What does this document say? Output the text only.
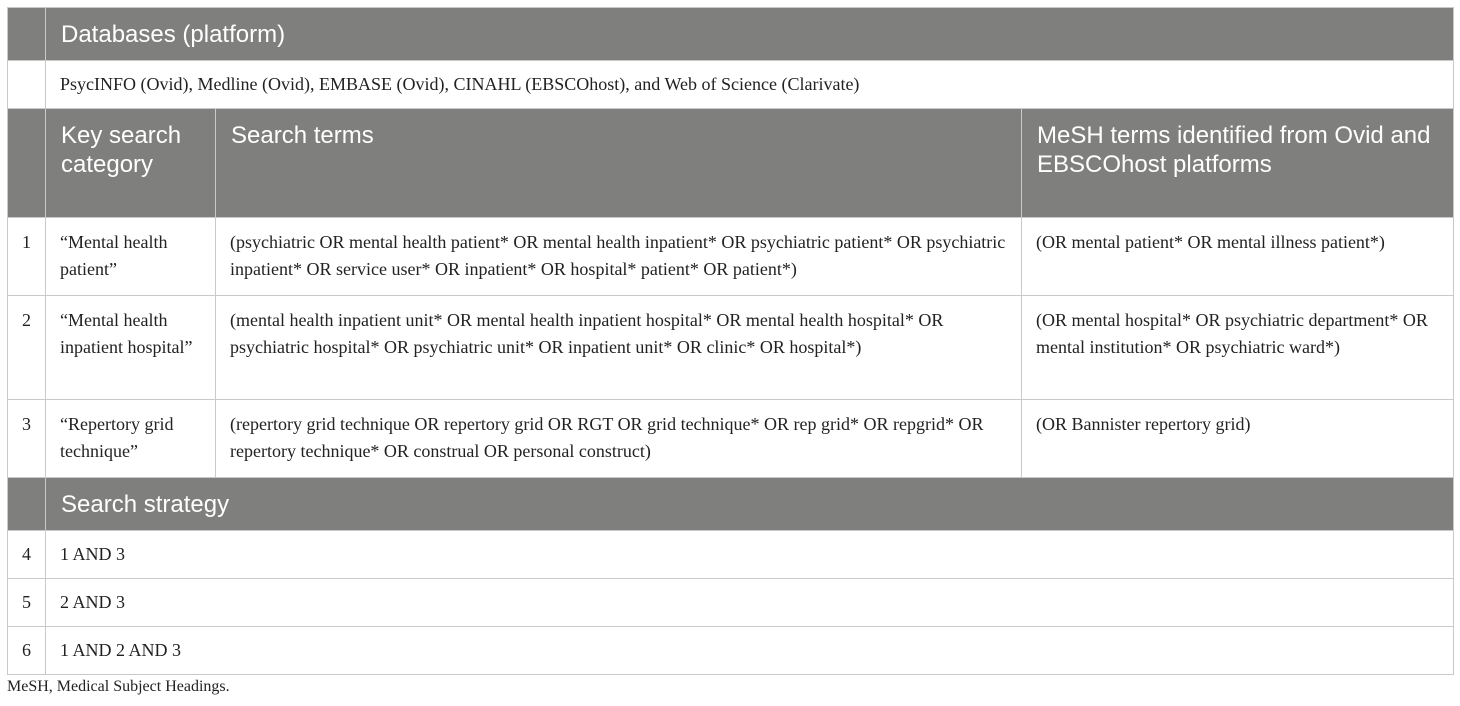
	Databases (platform)		

	PsycINFO (Ovid), Medline (Ovid), EMBASE (Ovid), CINAHL (EBSCOhost), and Web of Science (Clarivate)		

	Key search category	Search terms	MeSH terms identified from Ovid and EBSCOhost platforms

1	“Mental health patient”	(psychiatric OR mental health patient* OR mental health inpatient* OR psychiatric patient* OR psychiatric inpatient* OR service user* OR inpatient* OR hospital* patient* OR patient*)	(OR mental patient* OR mental illness patient*)

2	“Mental health inpatient hospital”	(mental health inpatient unit* OR mental health inpatient hospital* OR mental health hospital* OR psychiatric hospital* OR psychiatric unit* OR inpatient unit* OR clinic* OR hospital*)	(OR mental hospital* OR psychiatric department* OR mental institution* OR psychiatric ward*)

3	“Repertory grid technique”	(repertory grid technique OR repertory grid OR RGT OR grid technique* OR rep grid* OR repgrid* OR repertory technique* OR construal OR personal construct)	(OR Bannister repertory grid)

	Search strategy		

4	1 AND 3		

5	2 AND 3		

6	1 AND 2 AND 3		
MeSH, Medical Subject Headings.
